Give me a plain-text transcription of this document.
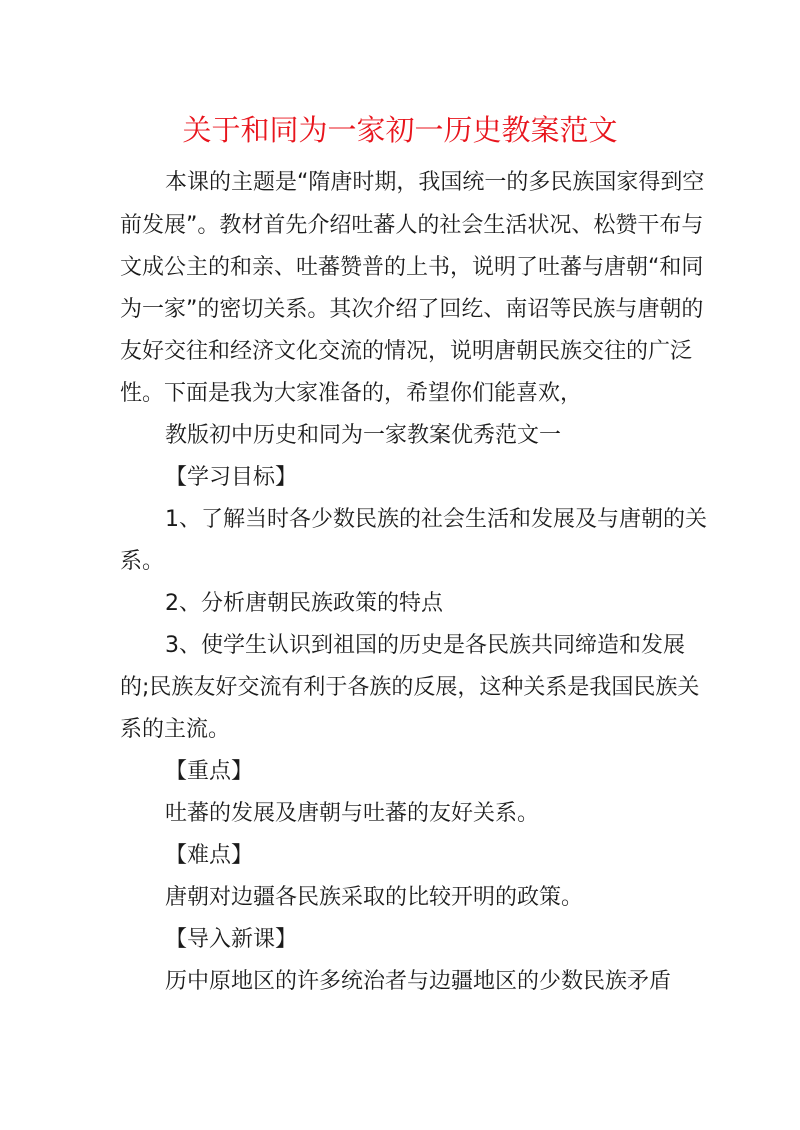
关于和同为一家初一历史教案范文

本课的主题是“隋唐时期，我国统一的多民族国家得到空

前发展”。教材首先介绍吐蕃人的社会生活状况、松赞干布与

文成公主的和亲、吐蕃赞普的上书，说明了吐蕃与唐朝“和同

为一家”的密切关系。其次介绍了回纥、南诏等民族与唐朝的

友好交往和经济文化交流的情况，说明唐朝民族交往的广泛

性。下面是我为大家准备的，希望你们能喜欢，

教版初中历史和同为一家教案优秀范文一

【学习目标】

1、了解当时各少数民族的社会生活和发展及与唐朝的关

系。

2、分析唐朝民族政策的特点

3、使学生认识到祖国的历史是各民族共同缔造和发展

的;民族友好交流有利于各族的反展，这种关系是我国民族关

系的主流。

【重点】

吐蕃的发展及唐朝与吐蕃的友好关系。

【难点】

唐朝对边疆各民族采取的比较开明的政策。

【导入新课】

历中原地区的许多统治者与边疆地区的少数民族矛盾
